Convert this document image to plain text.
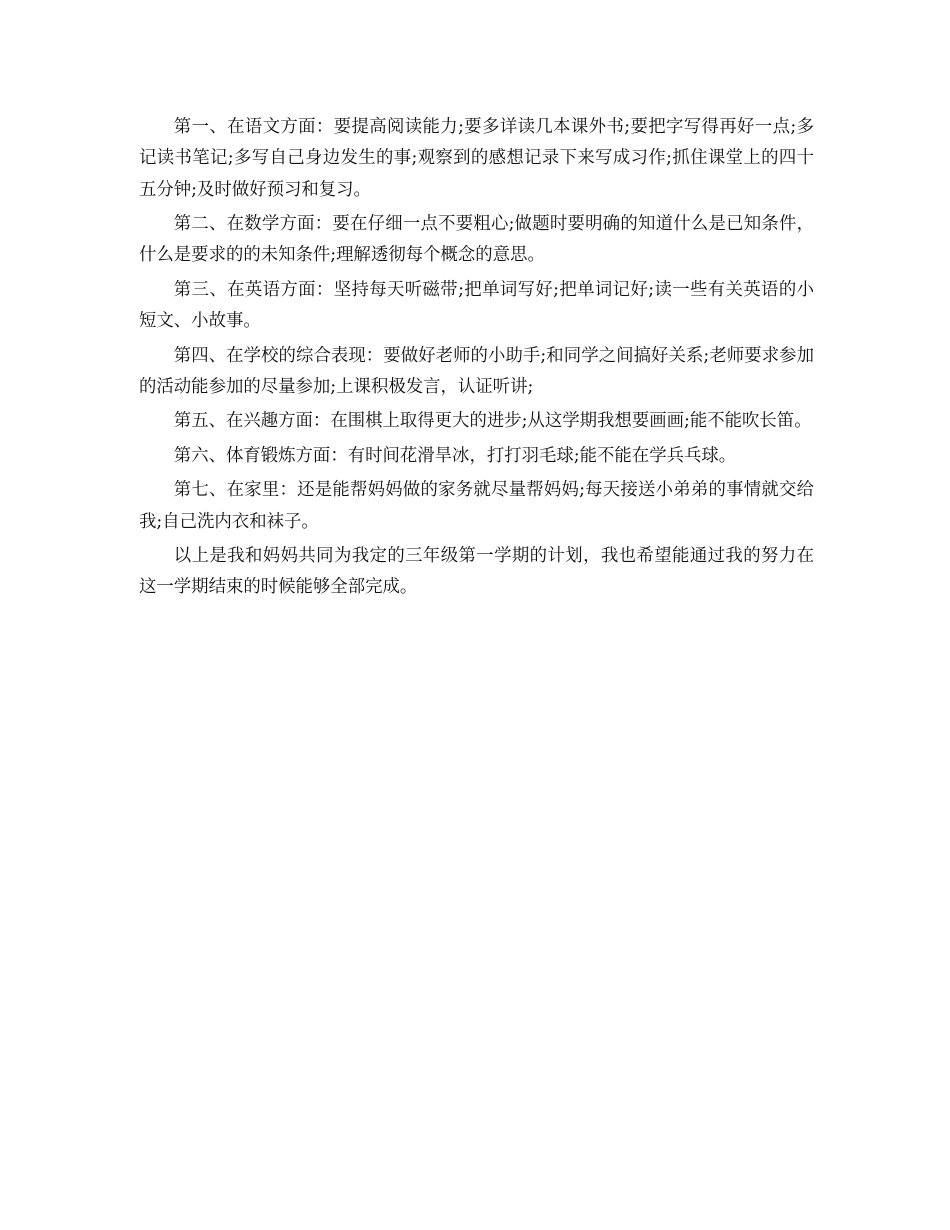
第一、在语文方面：要提高阅读能力;要多详读几本课外书;要把字写得再好一点;多记读书笔记;多写自己身边发生的事;观察到的感想记录下来写成习作;抓住课堂上的四十五分钟;及时做好预习和复习。

第二、在数学方面：要在仔细一点不要粗心;做题时要明确的知道什么是已知条件，什么是要求的的未知条件;理解透彻每个概念的意思。

第三、在英语方面：坚持每天听磁带;把单词写好;把单词记好;读一些有关英语的小短文、小故事。

第四、在学校的综合表现：要做好老师的小助手;和同学之间搞好关系;老师要求参加的活动能参加的尽量参加;上课积极发言，认证听讲;

第五、在兴趣方面：在围棋上取得更大的进步;从这学期我想要画画;能不能吹长笛。

第六、体育锻炼方面：有时间花滑旱冰，打打羽毛球;能不能在学兵乓球。

第七、在家里：还是能帮妈妈做的家务就尽量帮妈妈;每天接送小弟弟的事情就交给我;自己洗内衣和袜子。

以上是我和妈妈共同为我定的三年级第一学期的计划，我也希望能通过我的努力在这一学期结束的时候能够全部完成。
